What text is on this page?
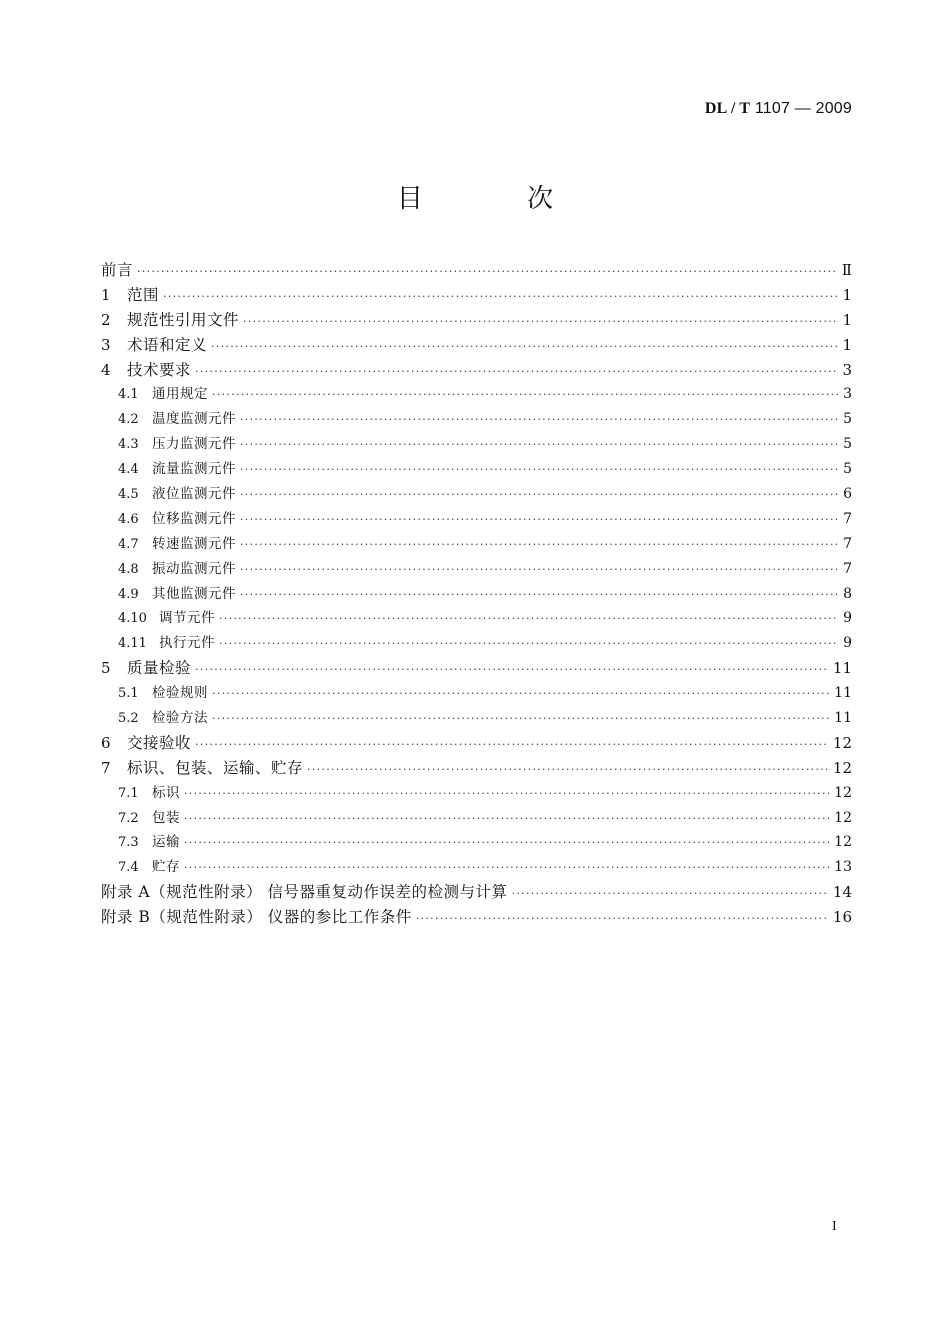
DL / T 1107 — 2009
目 次
前言 ·····	Ⅱ
1	范围 ·····	1
2	规范性引用文件 ·····	1
3	术语和定义 ·····	1
4	技术要求 ·····	3
4.1 通用规定 ·····	3
4.2 温度监测元件 ·····	5
4.3 压力监测元件 ·····	5
4.4 流量监测元件 ·····	5
4.5 液位监测元件 ·····	6
4.6 位移监测元件 ·····	7
4.7 转速监测元件 ·····	7
4.8 振动监测元件 ·····	7
4.9 其他监测元件 ·····	8
4.10 调节元件 ·····	9
4.11 执行元件 ·····	9
5	质量检验 ·····	11
5.1 检验规则 ·····	11
5.2 检验方法 ·····	11
6	交接验收 ·····	12
7	标识、包装、运输、贮存 ·····	12
7.1 标识 ·····	12
7.2 包装 ·····	12
7.3 运输 ·····	12
7.4 贮存 ·····	13
附录 A（规范性附录） 信号器重复动作误差的检测与计算 ·····	14
附录 B（规范性附录） 仪器的参比工作条件 ·····	16
I
